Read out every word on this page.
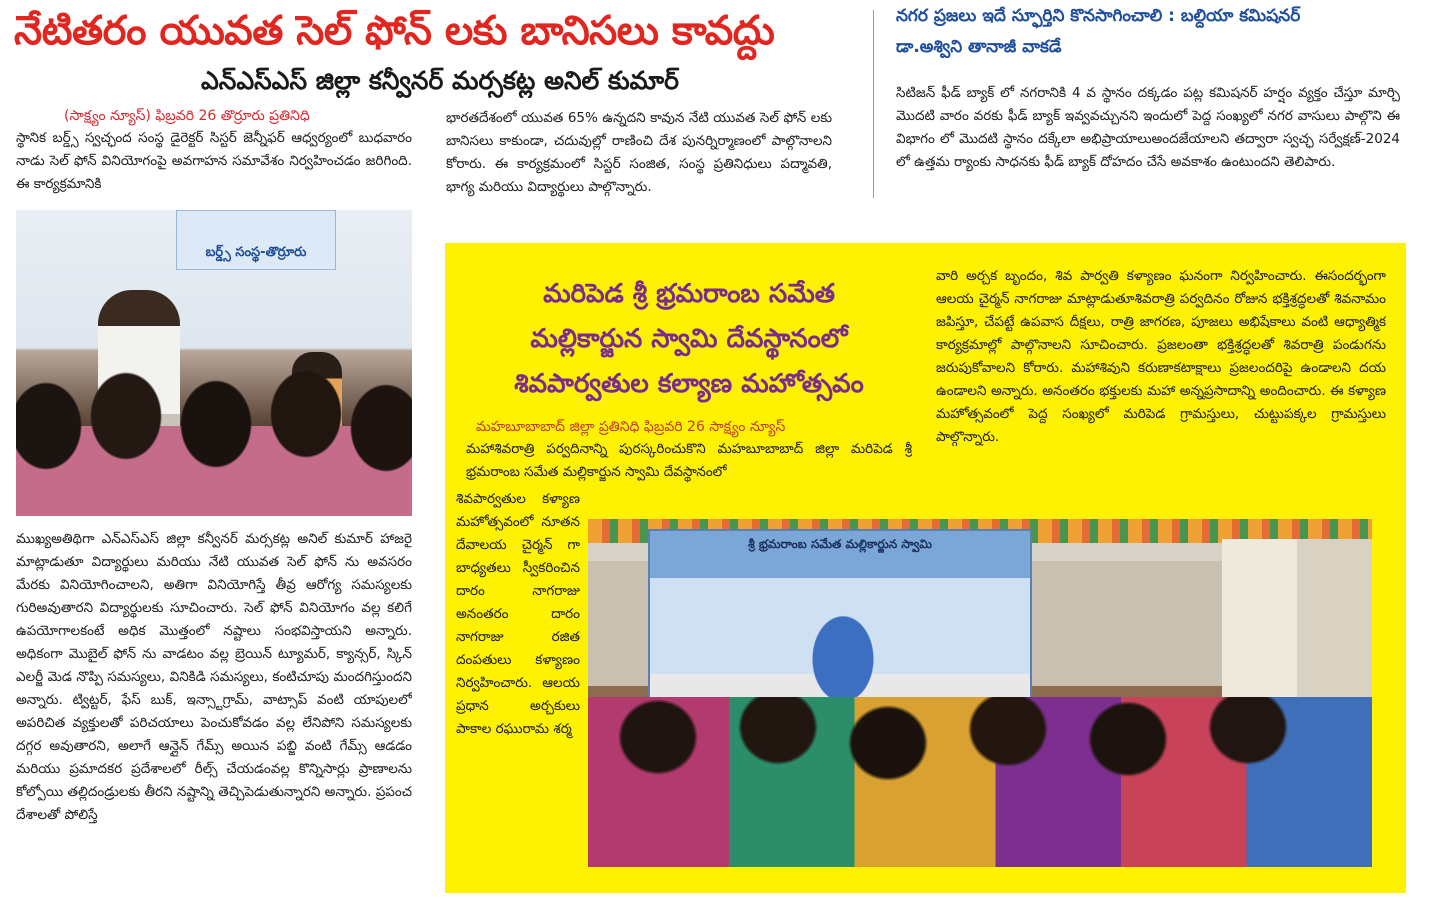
నేటితరం యువత సెల్ ఫోన్ లకు బానిసలు కావద్దు
ఎన్ఎస్ఎస్ జిల్లా కన్వీనర్ మర్సకట్ల అనిల్ కుమార్
(సాక్ష్యం న్యూస్) ఫిబ్రవరి 26 తొర్రూరు ప్రతినిధి
స్థానిక బర్డ్స్ స్వచ్ఛంద సంస్థ డైరెక్టర్ సిస్టర్ జెన్నీఫర్ ఆధ్వర్యంలో బుధవారం నాడు సెల్ ఫోన్ వినియోగంపై అవగాహన సమావేశం నిర్వహించడం జరిగింది. ఈ కార్యక్రమానికి
భారతదేశంలో యువత 65% ఉన్నదని కావున నేటి యువత సెల్ ఫోన్ లకు బానిసలు కాకుండా, చదువుల్లో రాణించి దేశ పునర్నిర్మాణంలో పాల్గొనాలని కోరారు. ఈ కార్యక్రమంలో సిస్టర్ సంజిత, సంస్థ ప్రతినిధులు పద్మావతి, భాగ్య మరియు విద్యార్థులు పాల్గొన్నారు.
బర్డ్స్ సంస్థ-తొర్రూరు
ముఖ్యఅతిథిగా ఎన్ఎస్ఎస్ జిల్లా కన్వీనర్ మర్సకట్ల అనిల్ కుమార్ హాజరై మాట్లాడుతూ విద్యార్థులు మరియు నేటి యువత సెల్ ఫోన్ ను అవసరం మేరకు వినియోగించాలని, అతిగా వినియోగిస్తే తీవ్ర ఆరోగ్య సమస్యలకు గురిఅవుతారని విద్యార్థులకు సూచించారు. సెల్ ఫోన్ వినియోగం వల్ల కలిగే ఉపయోగాలకంటే అధిక మొత్తంలో నష్టాలు సంభవిస్తాయని అన్నారు. అధికంగా మొబైల్ ఫోన్ ను వాడటం వల్ల బ్రెయిన్ ట్యూమర్, క్యాన్సర్, స్కిన్ ఎలర్జీ మెడ నొప్పి సమస్యలు, వినికిడి సమస్యలు, కంటిచూపు మందగిస్తుందని అన్నారు. ట్విట్టర్, ఫేస్ బుక్, ఇన్స్టాగ్రామ్, వాట్సాప్ వంటి యాపులలో అపరిచిత వ్యక్తులతో పరిచయాలు పెంచుకోవడం వల్ల లేనిపోని సమస్యలకు దగ్గర అవుతారని, అలాగే ఆన్లైన్ గేమ్స్ అయిన పబ్జి వంటి గేమ్స్ ఆడడం మరియు ప్రమాదకర ప్రదేశాలలో రీల్స్ చేయడంవల్ల కొన్నిసార్లు ప్రాణాలను కోల్పోయి తల్లిదండ్రులకు తీరని నష్టాన్ని తెచ్చిపెడుతున్నారని అన్నారు. ప్రపంచ దేశాలతో పోలిస్తే
నగర ప్రజలు ఇదే స్ఫూర్తిని కొనసాగించాలి : బల్దియా కమిషనర్
డా.అశ్విని తానాజీ వాకడే
సిటిజన్ ఫీడ్ బ్యాక్ లో నగరానికి 4 వ స్థానం దక్కడం పట్ల కమిషనర్ హర్షం వ్యక్తం చేస్తూ మార్చి మొదటి వారం వరకు ఫీడ్ బ్యాక్ ఇవ్వవచ్చునని ఇందులో పెద్ద సంఖ్యలో నగర వాసులు పాల్గొని ఈ విభాగం లో మొదటి స్థానం దక్కేలా అభిప్రాయాలుఅందజేయాలని తద్వారా స్వచ్ఛ సర్వేక్షణ్-2024 లో ఉత్తమ ర్యాంకు సాధనకు ఫీడ్ బ్యాక్ దోహదం చేసే అవకాశం ఉంటుందని తెలిపారు.
మరిపెడ శ్రీ భ్రమరాంబ సమేత
మల్లికార్జున స్వామి దేవస్థానంలో
శివపార్వతుల కల్యాణ మహోత్సవం
మహబూబాబాద్ జిల్లా ప్రతినిధి ఫిబ్రవరి 26 సాక్ష్యం న్యూస్
మహాశివరాత్రి పర్వదినాన్ని పురస్కరించుకొని మహబూబాబాద్ జిల్లా మరిపెడ శ్రీ భ్రమరాంబ సమేత మల్లికార్జున స్వామి దేవస్థానంలో
శివపార్వతుల కళ్యాణ మహోత్సవంలో నూతన దేవాలయ చైర్మన్ గా బాధ్యతలు స్వీకరించిన దారం నాగరాజు అనంతరం దారం నాగరాజు రజిత దంపతులు కళ్యాణం నిర్వహించారు. ఆలయ ప్రధాన అర్చకులు పాకాల రఘురామ శర్మ
వారి అర్చక బృందం, శివ పార్వతి కళ్యాణం ఘనంగా నిర్వహించారు. ఈసందర్భంగా ఆలయ చైర్మన్ నాగరాజు మాట్లాడుతూశివరాత్రి పర్వదినం రోజున భక్తిశ్రద్ధలతో శివనామం జపిస్తూ, చేపట్టే ఉపవాస దీక్షలు, రాత్రి జాగరణ, పూజలు అభిషేకాలు వంటి ఆధ్యాత్మిక కార్యక్రమాల్లో పాల్గొనాలని సూచించారు. ప్రజలంతా భక్తిశ్రద్ధలతో శివరాత్రి పండుగను జరుపుకోవాలని కోరారు. మహాశివుని కరుణాకటాక్షాలు ప్రజలందరిపై ఉండాలని దయ ఉండాలని అన్నారు. అనంతరం భక్తులకు మహా అన్నప్రసాదాన్ని అందించారు. ఈ కళ్యాణ మహోత్సవంలో పెద్ద సంఖ్యలో మరిపెడ గ్రామస్తులు, చుట్టుపక్కల గ్రామస్తులు పాల్గొన్నారు.
శ్రీ భ్రమరాంబ సమేత మల్లికార్జున స్వామి
